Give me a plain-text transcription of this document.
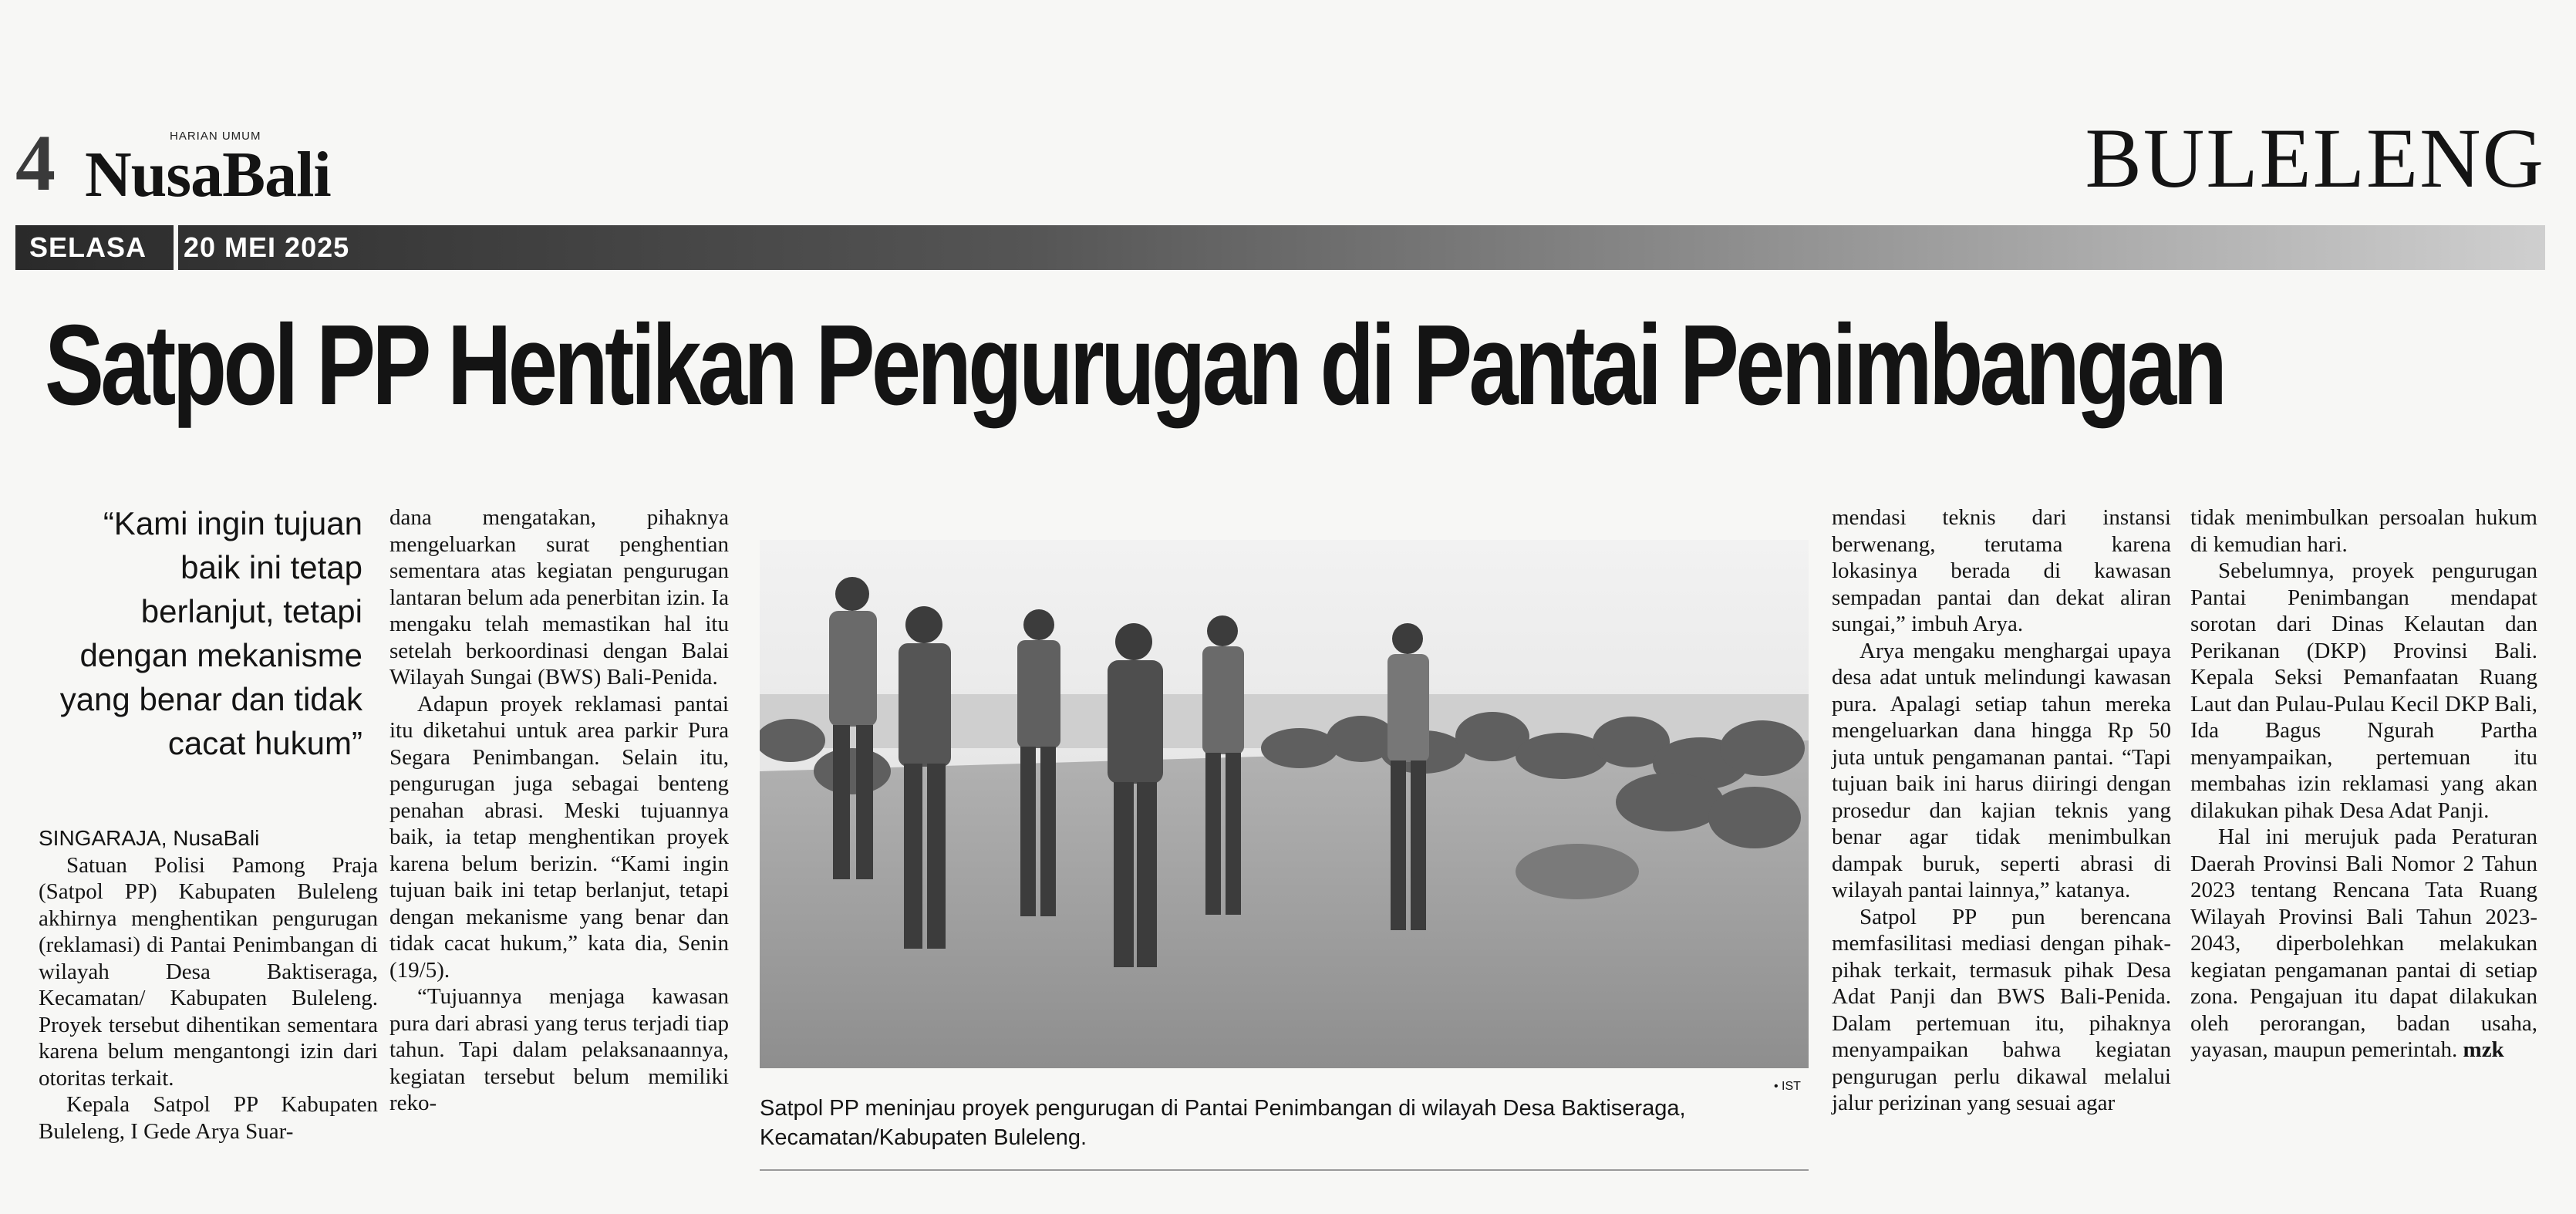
4	HARIAN UMUM
NusaBali	BULELENG
SELASA 20 MEI 2025
Satpol PP Hentikan Pengurugan di Pantai Penimbangan
“Kami ingin tujuan baik ini tetap berlanjut, tetapi dengan mekanisme yang benar dan tidak cacat hukum”

SINGARAJA, NusaBali

Satuan Polisi Pamong Praja (Satpol PP) Kabupaten Buleleng akhirnya menghentikan pengurugan (reklamasi) di Pantai Penimbangan di wilayah Desa Baktiseraga, Kecamatan/ Kabupaten Buleleng. Proyek tersebut dihentikan sementara karena belum mengantongi izin dari otoritas terkait.

Kepala Satpol PP Kabupaten Buleleng, I Gede Arya Suar-

dana mengatakan, pihaknya mengeluarkan surat penghentian sementara atas kegiatan pengurugan lantaran belum ada penerbitan izin. Ia mengaku telah memastikan hal itu setelah berkoordinasi dengan Balai Wilayah Sungai (BWS) Bali-Penida.

Adapun proyek reklamasi pantai itu diketahui untuk area parkir Pura Segara Penimbangan. Selain itu, pengurugan juga sebagai benteng penahan abrasi. Meski tujuannya baik, ia tetap menghentikan proyek karena belum berizin. “Kami ingin tujuan baik ini tetap berlanjut, tetapi dengan mekanisme yang benar dan tidak cacat hukum,” kata dia, Senin (19/5).

“Tujuannya menjaga kawasan pura dari abrasi yang terus terjadi tiap tahun. Tapi dalam pelaksanaannya, kegiatan tersebut belum memiliki reko-

• IST
Satpol PP meninjau proyek pengurugan di Pantai Penimbangan di wilayah Desa Baktiseraga, Kecamatan/Kabupaten Buleleng.

mendasi teknis dari instansi berwenang, terutama karena lokasinya berada di kawasan sempadan pantai dan dekat aliran sungai,” imbuh Arya.

Arya mengaku menghargai upaya desa adat untuk melindungi kawasan pura. Apalagi setiap tahun mereka mengeluarkan dana hingga Rp 50 juta untuk pengamanan pantai. “Tapi tujuan baik ini harus diiringi dengan prosedur dan kajian teknis yang benar agar tidak menimbulkan dampak buruk, seperti abrasi di wilayah pantai lainnya,” katanya.

Satpol PP pun berencana memfasilitasi mediasi dengan pihak-pihak terkait, termasuk pihak Desa Adat Panji dan BWS Bali-Penida. Dalam pertemuan itu, pihaknya menyampaikan bahwa kegiatan pengurugan perlu dikawal melalui jalur perizinan yang sesuai agar

tidak menimbulkan persoalan hukum di kemudian hari.

Sebelumnya, proyek pengurugan Pantai Penimbangan mendapat sorotan dari Dinas Kelautan dan Perikanan (DKP) Provinsi Bali. Kepala Seksi Pemanfaatan Ruang Laut dan Pulau-Pulau Kecil DKP Bali, Ida Bagus Ngurah Partha menyampaikan, pertemuan itu membahas izin reklamasi yang akan dilakukan pihak Desa Adat Panji.

Hal ini merujuk pada Peraturan Daerah Provinsi Bali Nomor 2 Tahun 2023 tentang Rencana Tata Ruang Wilayah Provinsi Bali Tahun 2023-2043, diperbolehkan melakukan kegiatan pengamanan pantai di setiap zona. Pengajuan itu dapat dilakukan oleh perorangan, badan usaha, yayasan, maupun pemerintah. mzk
